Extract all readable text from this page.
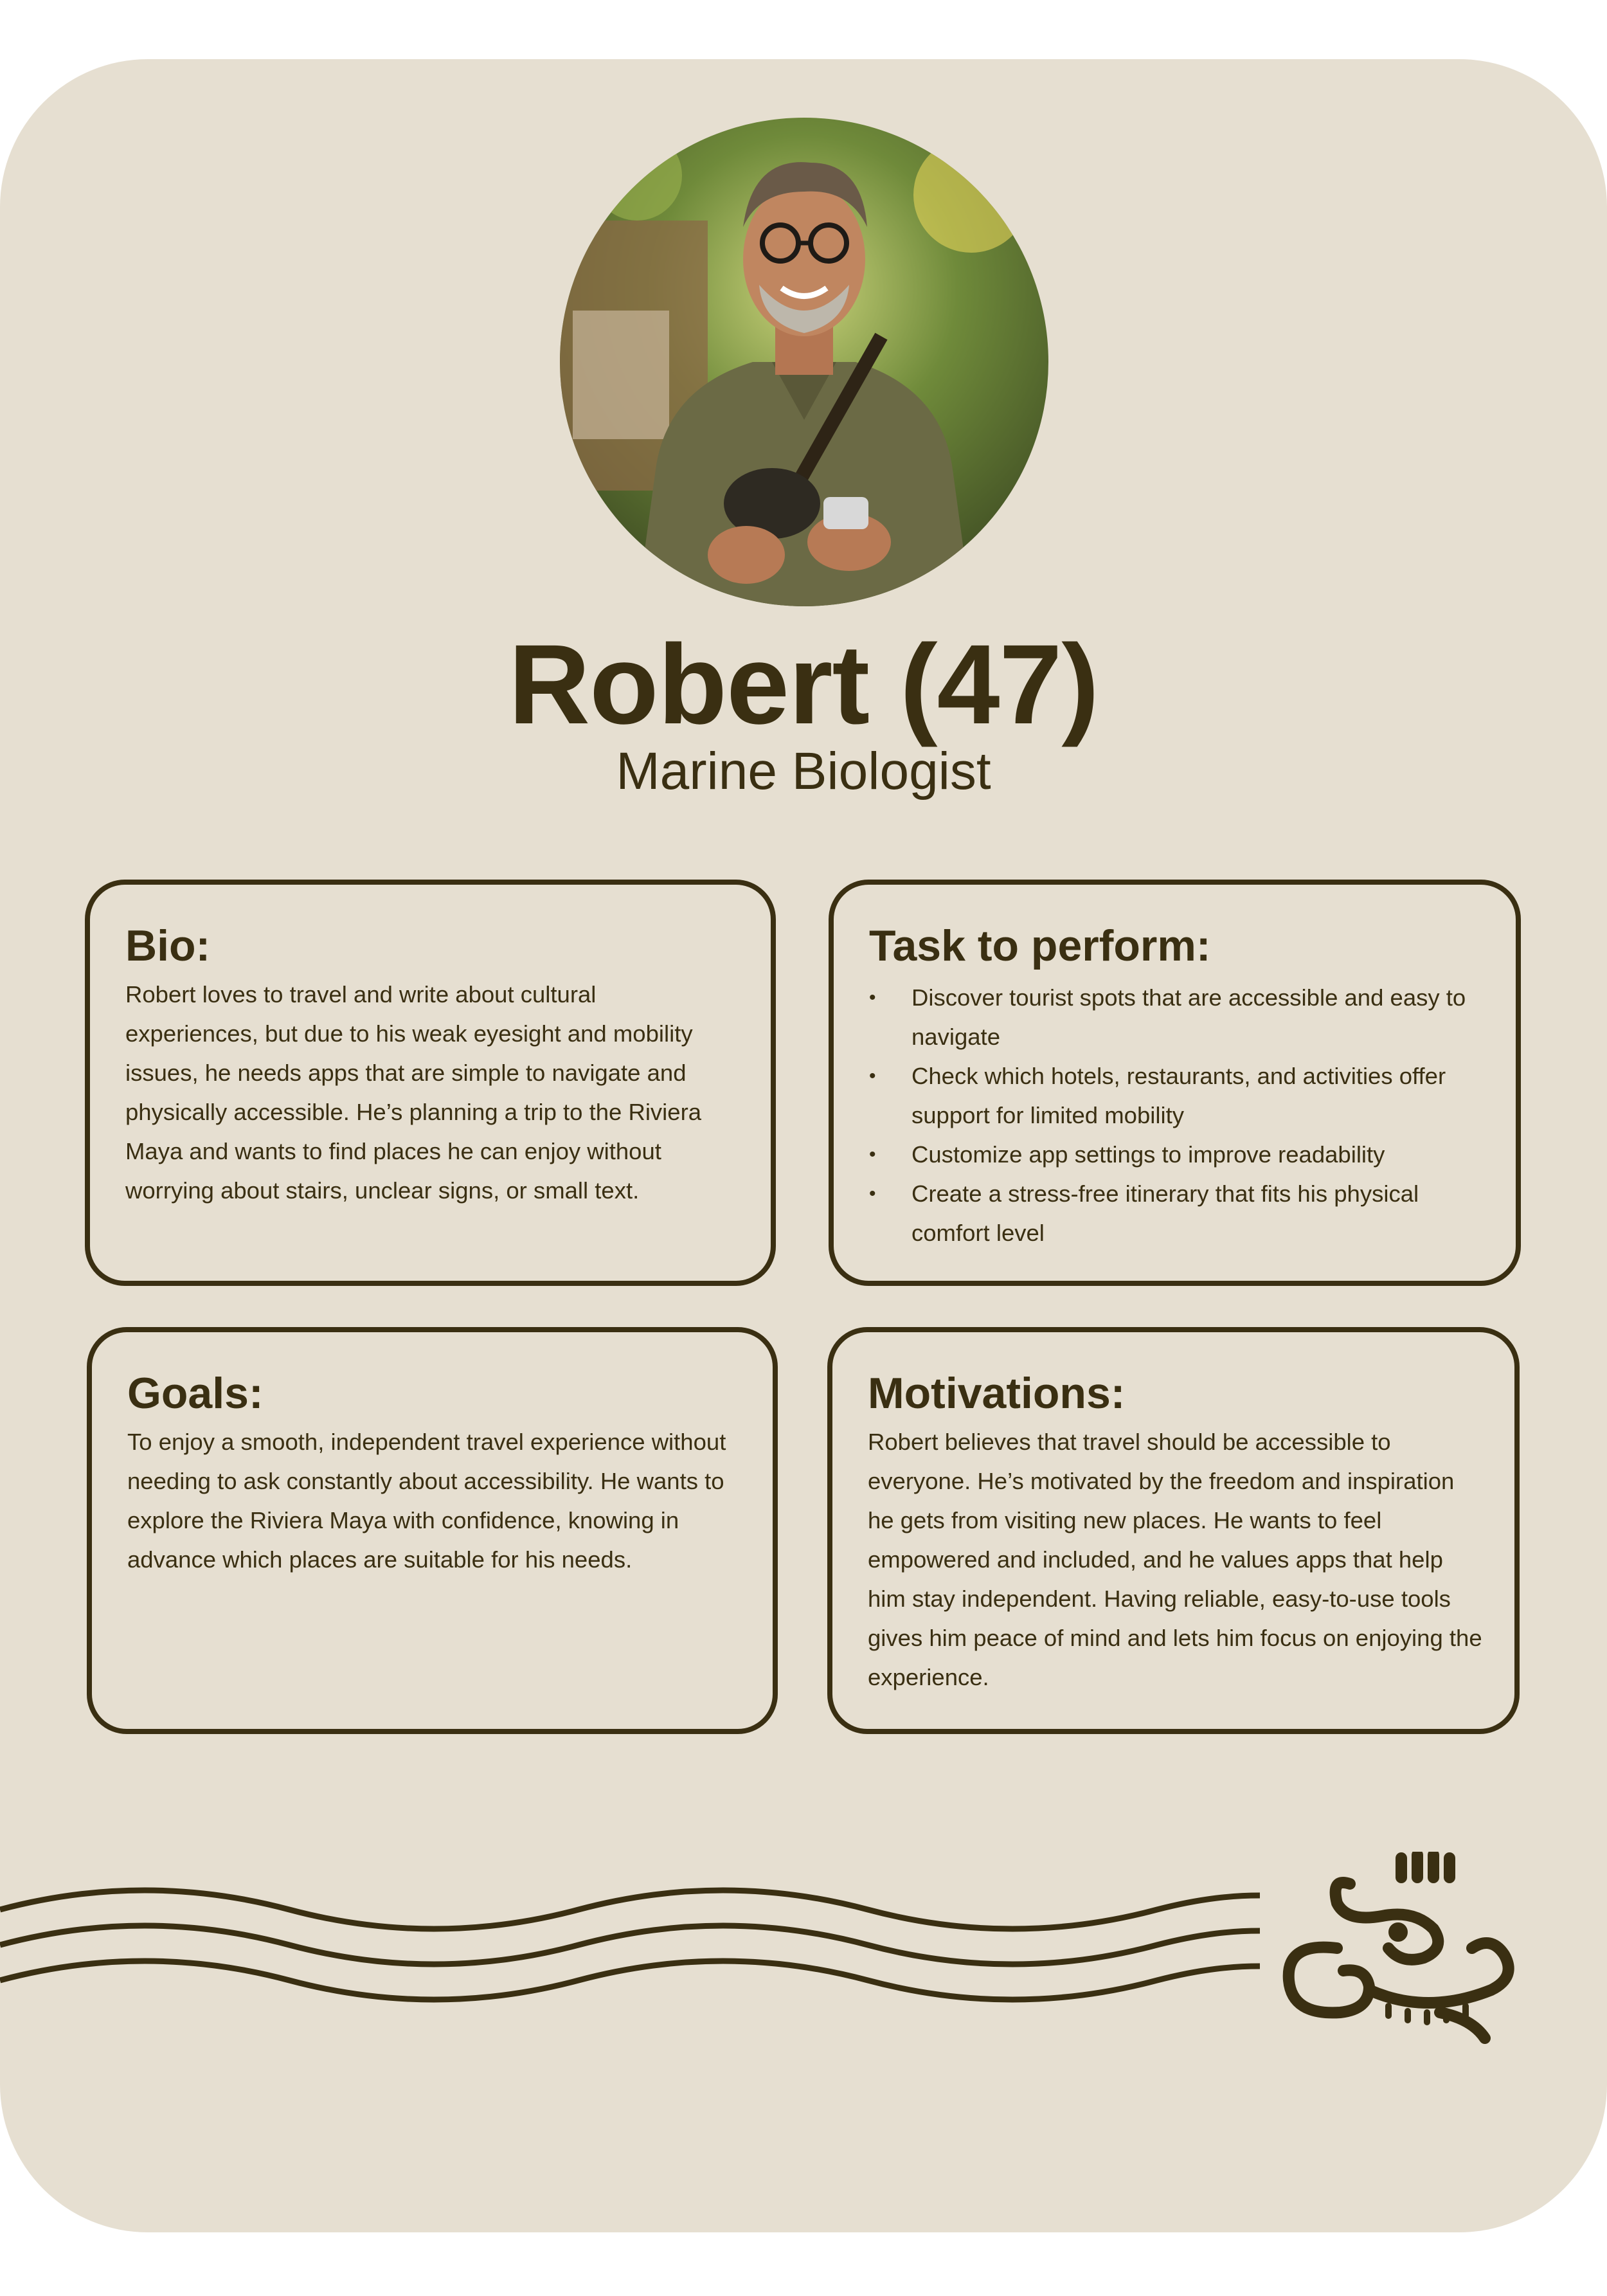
Robert (47)
Marine Biologist
Bio:

Robert loves to travel and write about cultural experiences, but due to his weak eyesight and mobility issues, he needs apps that are simple to navigate and physically accessible. He’s planning a trip to the Riviera Maya and wants to find places he can enjoy without worrying about stairs, unclear signs, or small text.

Task to perform:
• Discover tourist spots that are accessible and easy to navigate
• Check which hotels, restaurants, and activities offer support for limited mobility
• Customize app settings to improve readability
• Create a stress-free itinerary that fits his physical comfort level
Goals:

To enjoy a smooth, independent travel experience without needing to ask constantly about accessibility. He wants to explore the Riviera Maya with confidence, knowing in advance which places are suitable for his needs.

Motivations:

Robert believes that travel should be accessible to everyone. He’s motivated by the freedom and inspiration he gets from visiting new places. He wants to feel empowered and included, and he values apps that help him stay independent. Having reliable, easy-to-use tools gives him peace of mind and lets him focus on enjoying the experience.
